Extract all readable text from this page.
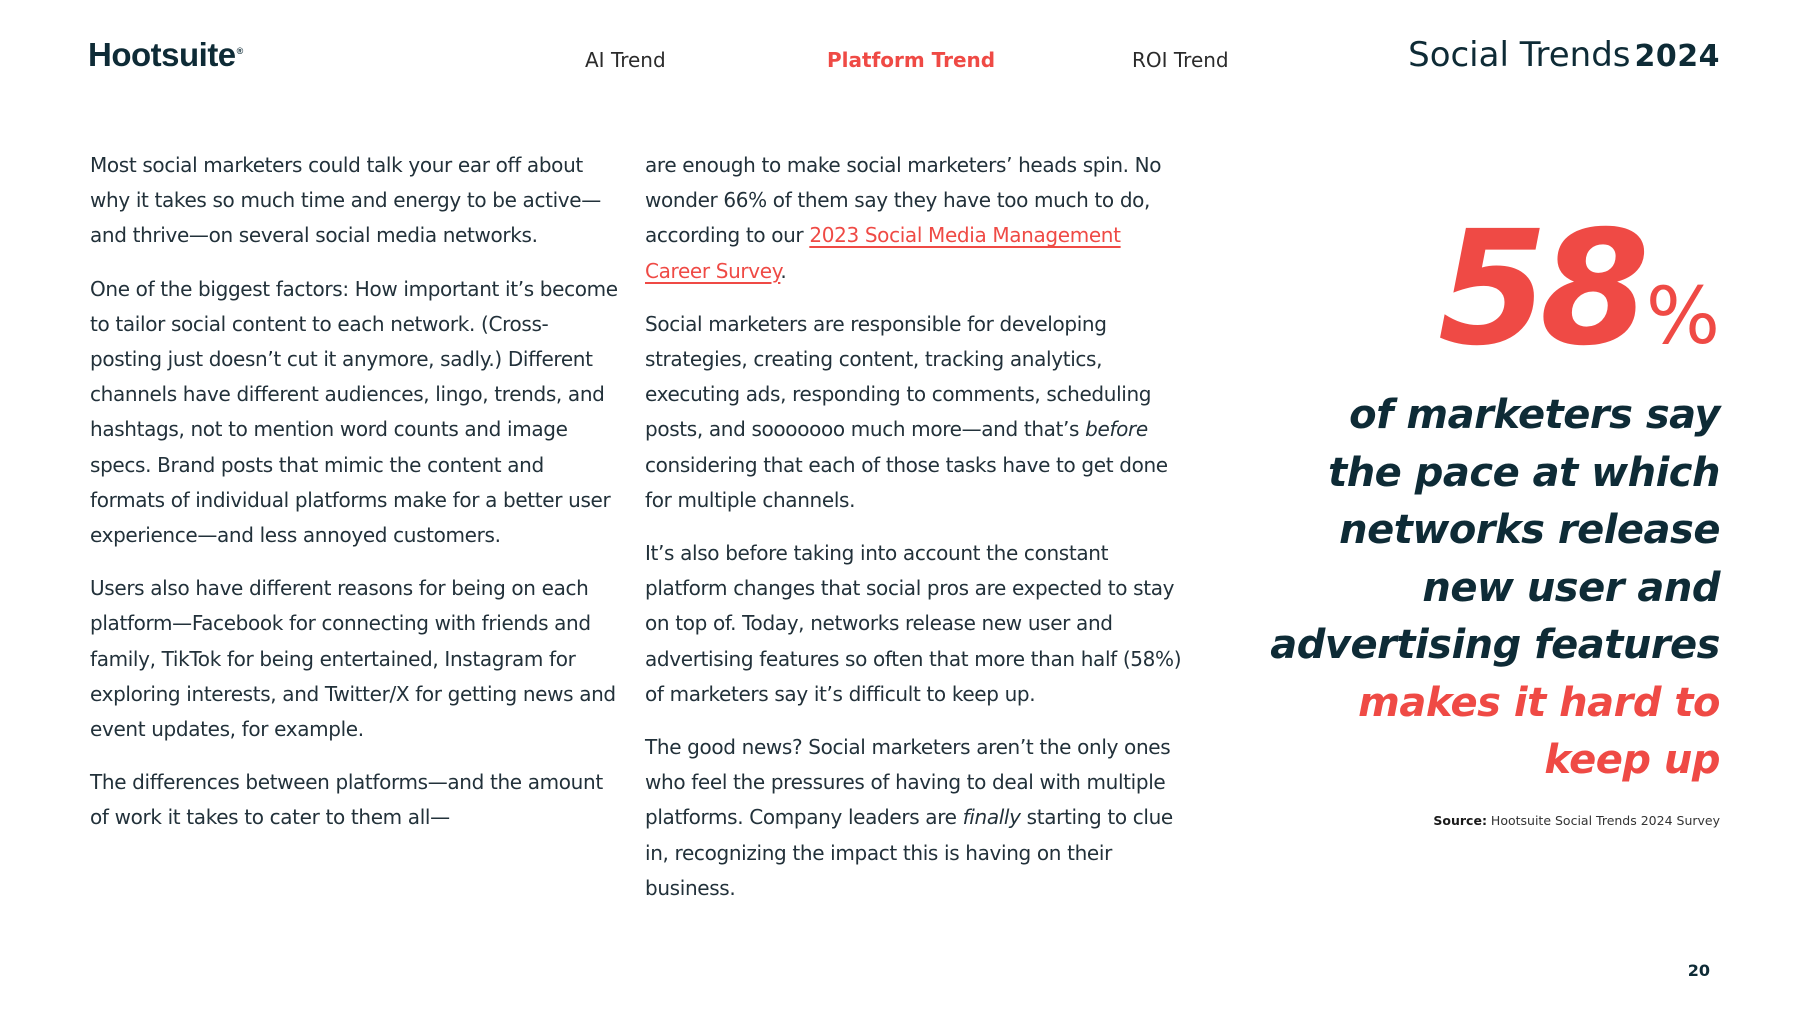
Hootsuite®	AI Trend	Platform Trend	ROI Trend	Social Trends 2024

Most social marketers could talk your ear off about why it takes so much time and energy to be active—and thrive—on several social media networks.

One of the biggest factors: How important it’s become to tailor social content to each network. (Cross-posting just doesn’t cut it anymore, sadly.) Different channels have different audiences, lingo, trends, and hashtags, not to mention word counts and image specs. Brand posts that mimic the content and formats of individual platforms make for a better user experience—and less annoyed customers.

Users also have different reasons for being on each platform—Facebook for connecting with friends and family, TikTok for being entertained, Instagram for exploring interests, and Twitter/X for getting news and event updates, for example.

The differences between platforms—and the amount of work it takes to cater to them all—

are enough to make social marketers’ heads spin. No wonder 66% of them say they have too much to do, according to our 2023 Social Media Management Career Survey.

Social marketers are responsible for developing strategies, creating content, tracking analytics, executing ads, responding to comments, scheduling posts, and sooooooo much more—and that’s before considering that each of those tasks have to get done for multiple channels.

It’s also before taking into account the constant platform changes that social pros are expected to stay on top of. Today, networks release new user and advertising features so often that more than half (58%) of marketers say it’s difficult to keep up.

The good news? Social marketers aren’t the only ones who feel the pressures of having to deal with multiple platforms. Company leaders are finally starting to clue in, recognizing the impact this is having on their business.

58%
of marketers say
the pace at which
networks release
new user and
advertising features
makes it hard to
keep up
Source: Hootsuite Social Trends 2024 Survey
20
